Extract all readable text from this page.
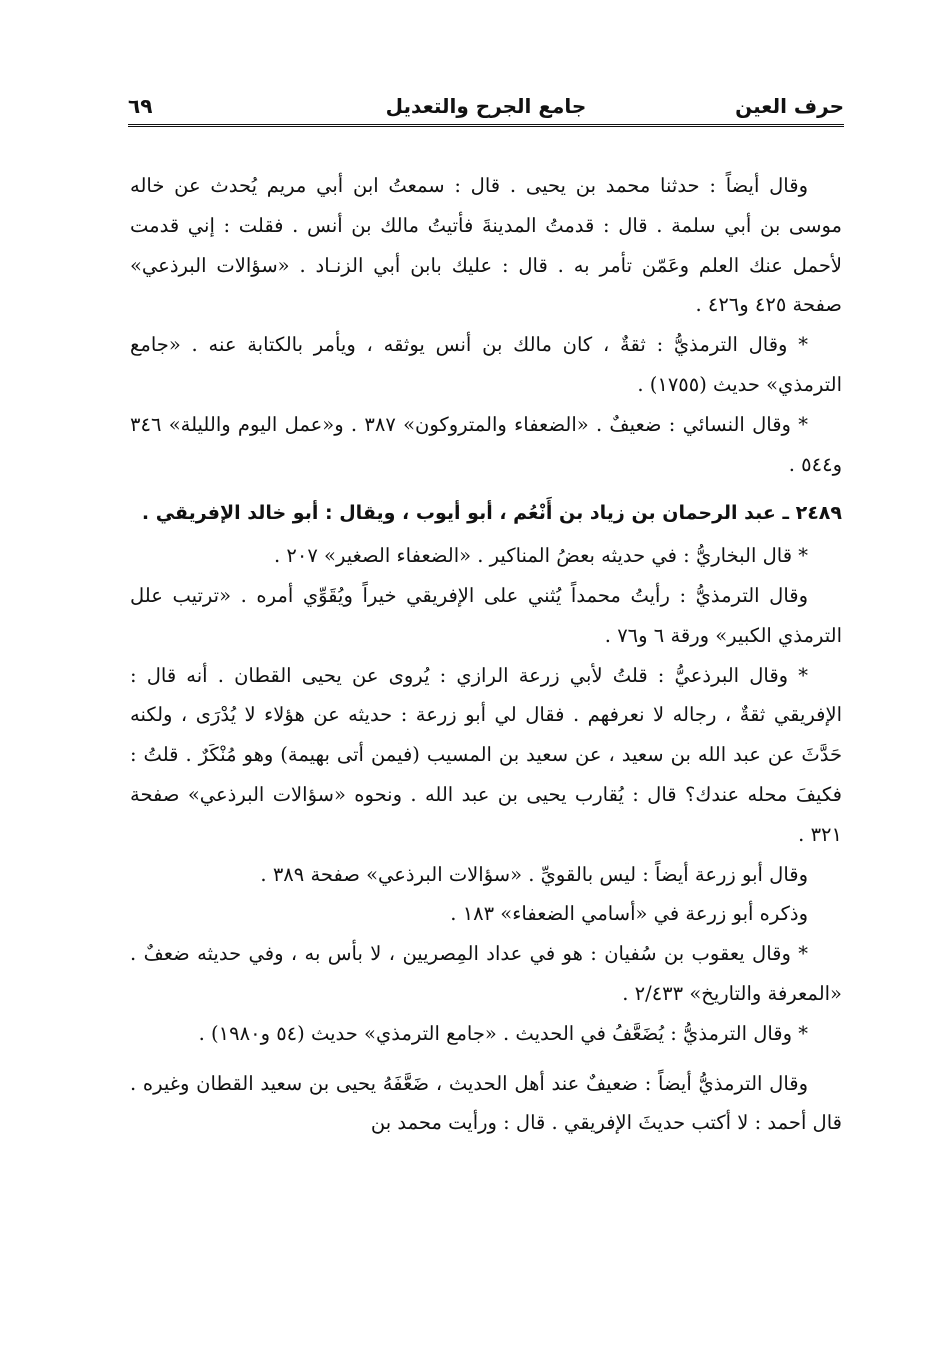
حرف العين
جامع الجرح والتعديل
٦٩

وقال أيضاً : حدثنا محمد بن يحيى . قال : سمعتُ ابن أبي مريم يُحدث عن خاله موسى بن أبي سلمة . قال : قدمتُ المدينةَ فأتيتُ مالك بن أنس . فقلت : إني قدمت لأحمل عنك العلم وعَمّن تأمر به . قال : عليك بابن أبي الزنـاد . «سؤالات البرذعي» صفحة ٤٢٥ و٤٢٦ .

* وقال الترمذيُّ : ثقةٌ ، كان مالك بن أنس يوثقه ، ويأمر بالكتابة عنه . «جامع الترمذي» حديث (١٧٥٥) .

* وقال النسائي : ضعيفٌ . «الضعفاء والمتروكون» ٣٨٧ . و«عمل اليوم والليلة» ٣٤٦ و٥٤٤ .

٢٤٨٩ ـ عبد الرحمان بن زياد بن أَنْعُم ، أبو أيوب ، ويقال : أبو خالد الإفريقي .

* قال البخاريُّ : في حديثه بعضُ المناكير . «الضعفاء الصغير» ٢٠٧ .

وقال الترمذيُّ : رأيتُ محمداً يُثني على الإفريقي خيراً ويُقَوِّي أمره . «ترتيب علل الترمذي الكبير» ورقة ٦ و٧٦ .

* وقال البرذعيُّ : قلتُ لأبي زرعة الرازي : يُروى عن يحيى القطان . أنه قال : الإفريقي ثقةٌ ، رجاله لا نعرفهم . فقال لي أبو زرعة : حديثه عن هؤلاء لا يُدْرَى ، ولكنه حَدَّثَ عن عبد الله بن سعيد ، عن سعيد بن المسيب (فيمن أتى بهيمة) وهو مُنْكَرٌ . قلتُ : فكيفَ محله عندك؟ قال : يُقارب يحيى بن عبد الله . ونحوه «سؤالات البرذعي» صفحة ٣٢١ .

وقال أبو زرعة أيضاً : ليس بالقويِّ . «سؤالات البرذعي» صفحة ٣٨٩ .

وذكره أبو زرعة في «أسامي الضعفاء» ١٨٣ .

* وقال يعقوب بن سُفيان : هو في عداد المِصريين ، لا بأس به ، وفي حديثه ضعفٌ . «المعرفة والتاريخ» ٢/٤٣٣ .

* وقال الترمذيُّ : يُضَعَّفُ في الحديث . «جامع الترمذي» حديث (٥٤ و١٩٨٠) .

وقال الترمذيُّ أيضاً : ضعيفٌ عند أهل الحديث ، ضَعَّفَهُ يحيى بن سعيد القطان وغيره . قال أحمد : لا أكتب حديثَ الإفريقي . قال : ورأيت محمد بن
